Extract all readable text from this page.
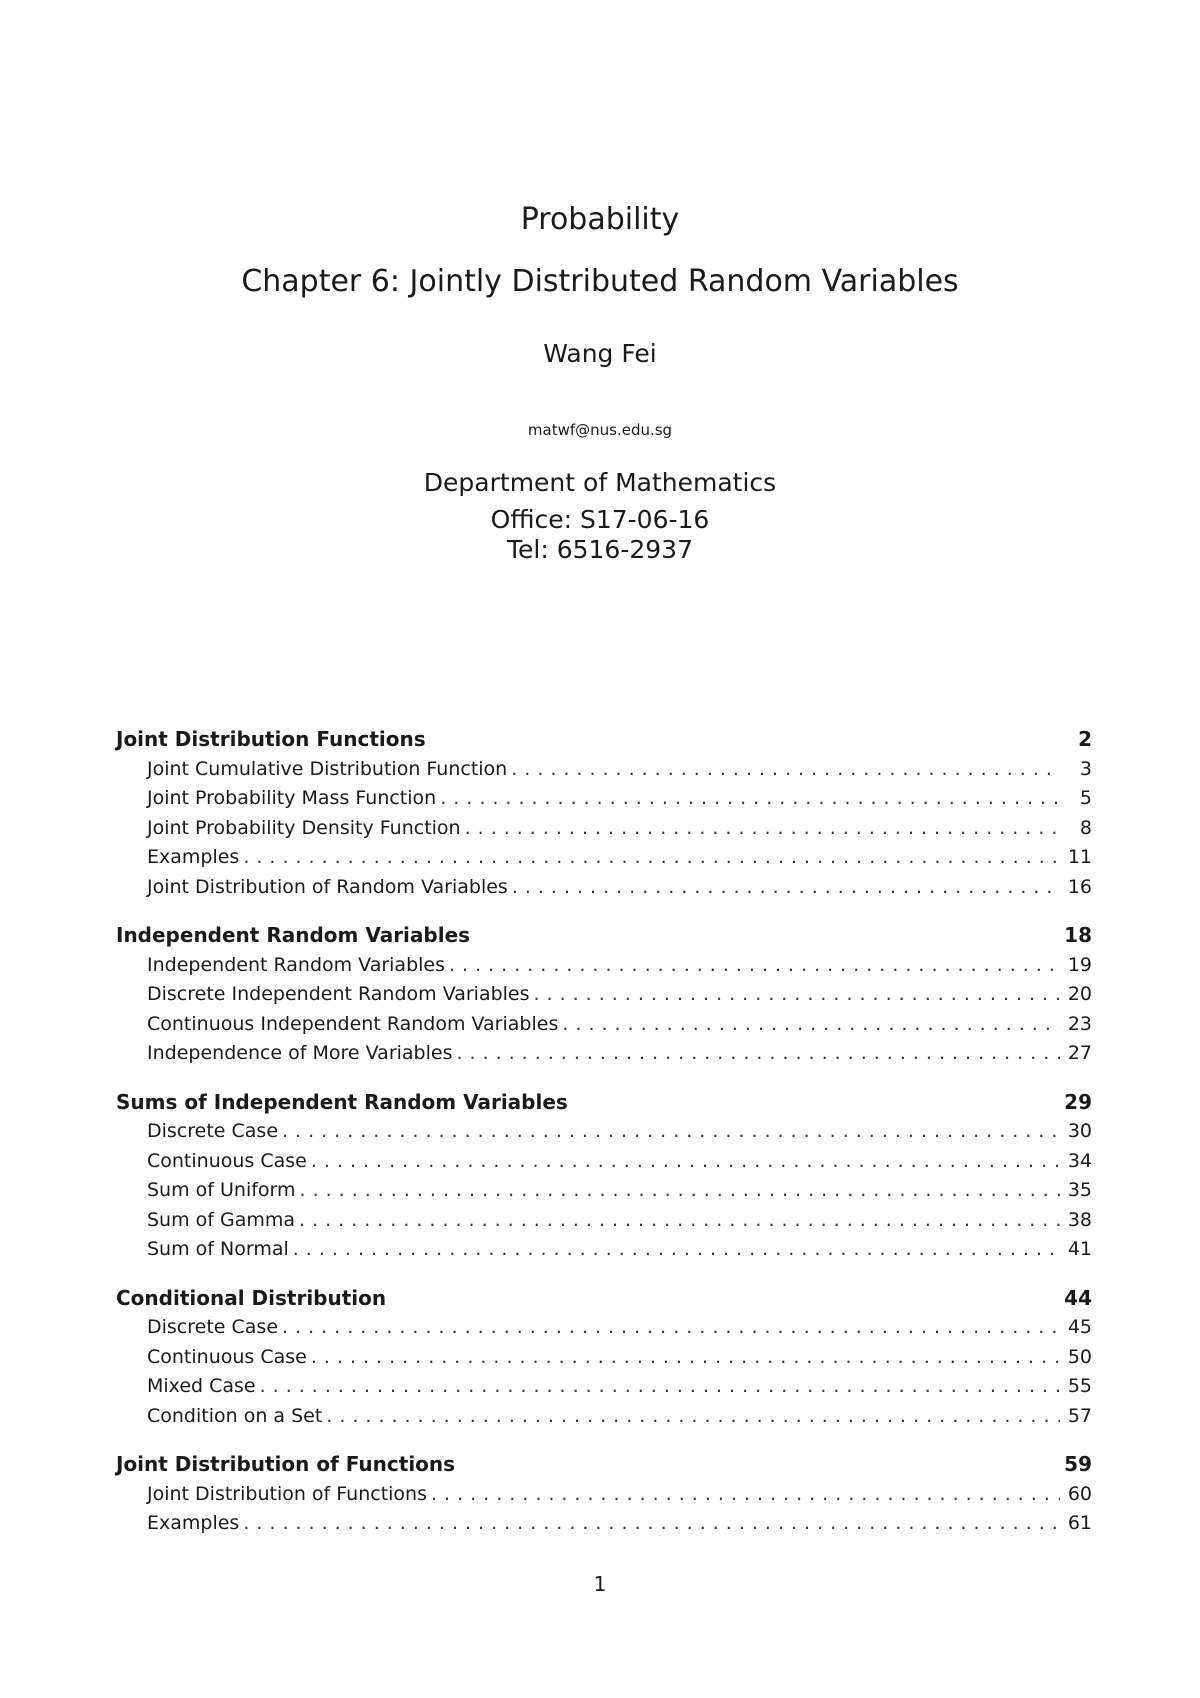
Probability
Chapter 6: Jointly Distributed Random Variables
Wang Fei
matwf@nus.edu.sg
Department of Mathematics
Office: S17-06-16
Tel: 6516-2937
Joint Distribution Functions	2
Joint Cumulative Distribution Function .....	3
Joint Probability Mass Function .....	5
Joint Probability Density Function .....	8
Examples .....	11
Joint Distribution of Random Variables .....	16
Independent Random Variables	18
Independent Random Variables .....	19
Discrete Independent Random Variables .....	20
Continuous Independent Random Variables .....	23
Independence of More Variables .....	27
Sums of Independent Random Variables	29
Discrete Case .....	30
Continuous Case .....	34
Sum of Uniform .....	35
Sum of Gamma .....	38
Sum of Normal .....	41
Conditional Distribution	44
Discrete Case .....	45
Continuous Case .....	50
Mixed Case .....	55
Condition on a Set .....	57
Joint Distribution of Functions	59
Joint Distribution of Functions .....	60
Examples .....	61
1
